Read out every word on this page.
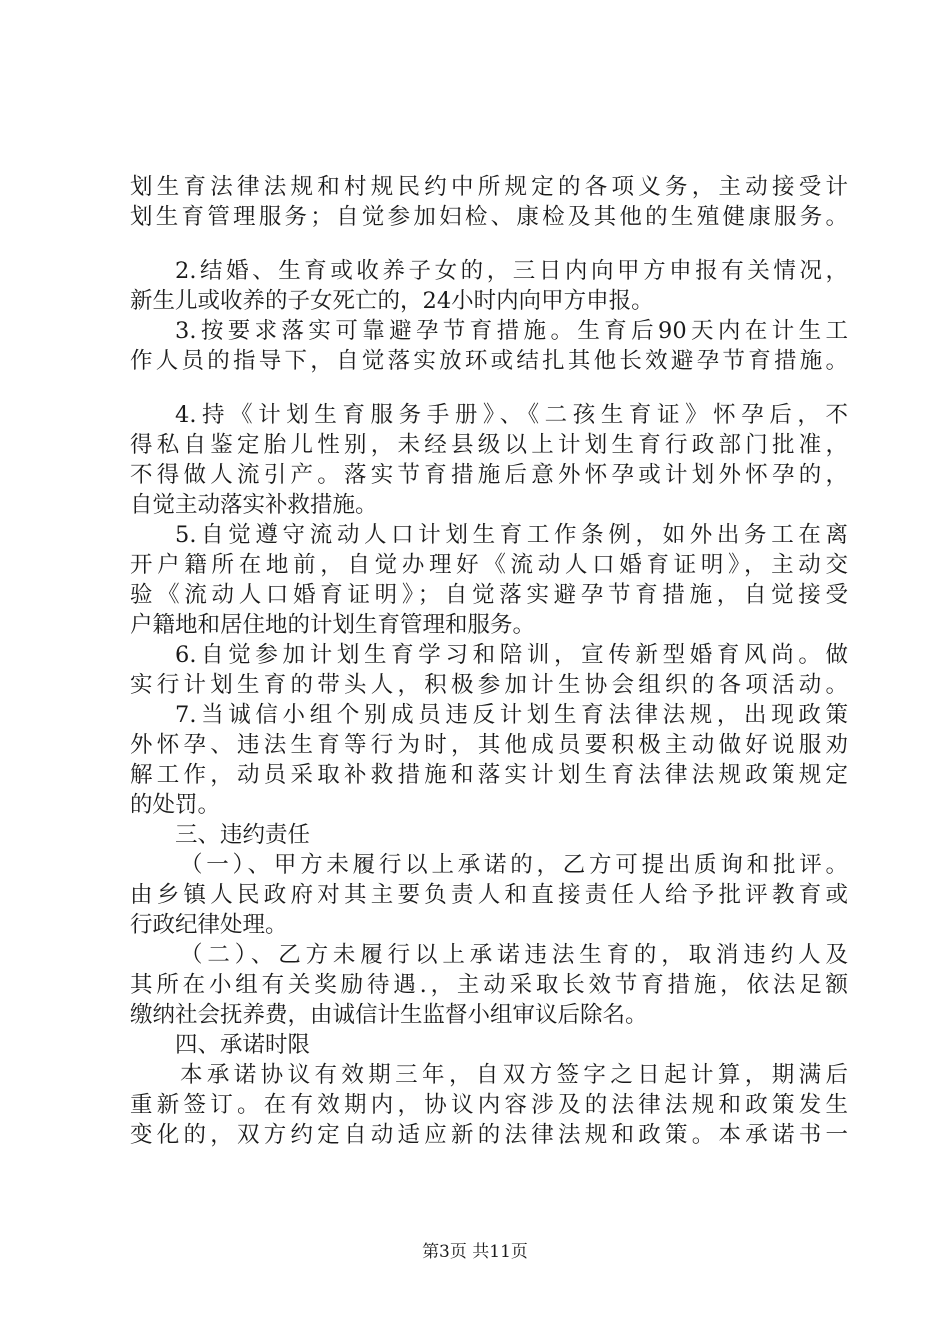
划生育法律法规和村规民约中所规定的各项义务，主动接受计
划生育管理服务；自觉参加妇检、康检及其他的生殖健康服务。
2.结婚、生育或收养子女的，三日内向甲方申报有关情况，
新生儿或收养的子女死亡的，24小时内向甲方申报。
3.按要求落实可靠避孕节育措施。生育后90天内在计生工
作人员的指导下，自觉落实放环或结扎其他长效避孕节育措施。
4.持《计划生育服务手册》、《二孩生育证》怀孕后，不
得私自鉴定胎儿性别，未经县级以上计划生育行政部门批准，
不得做人流引产。落实节育措施后意外怀孕或计划外怀孕的，
自觉主动落实补救措施。
5.自觉遵守流动人口计划生育工作条例，如外出务工在离
开户籍所在地前，自觉办理好《流动人口婚育证明》，主动交
验《流动人口婚育证明》；自觉落实避孕节育措施，自觉接受
户籍地和居住地的计划生育管理和服务。
6.自觉参加计划生育学习和陪训，宣传新型婚育风尚。做
实行计划生育的带头人，积极参加计生协会组织的各项活动。
7.当诚信小组个别成员违反计划生育法律法规，出现政策
外怀孕、违法生育等行为时，其他成员要积极主动做好说服劝
解工作，动员采取补救措施和落实计划生育法律法规政策规定
的处罚。
三、违约责任
（一）、甲方未履行以上承诺的，乙方可提出质询和批评。
由乡镇人民政府对其主要负责人和直接责任人给予批评教育或
行政纪律处理。
（二）、乙方未履行以上承诺违法生育的，取消违约人及
其所在小组有关奖励待遇.，主动采取长效节育措施，依法足额
缴纳社会抚养费，由诚信计生监督小组审议后除名。
四、承诺时限
本承诺协议有效期三年，自双方签字之日起计算，期满后
重新签订。在有效期内，协议内容涉及的法律法规和政策发生
变化的，双方约定自动适应新的法律法规和政策。本承诺书一
第3页 共11页
